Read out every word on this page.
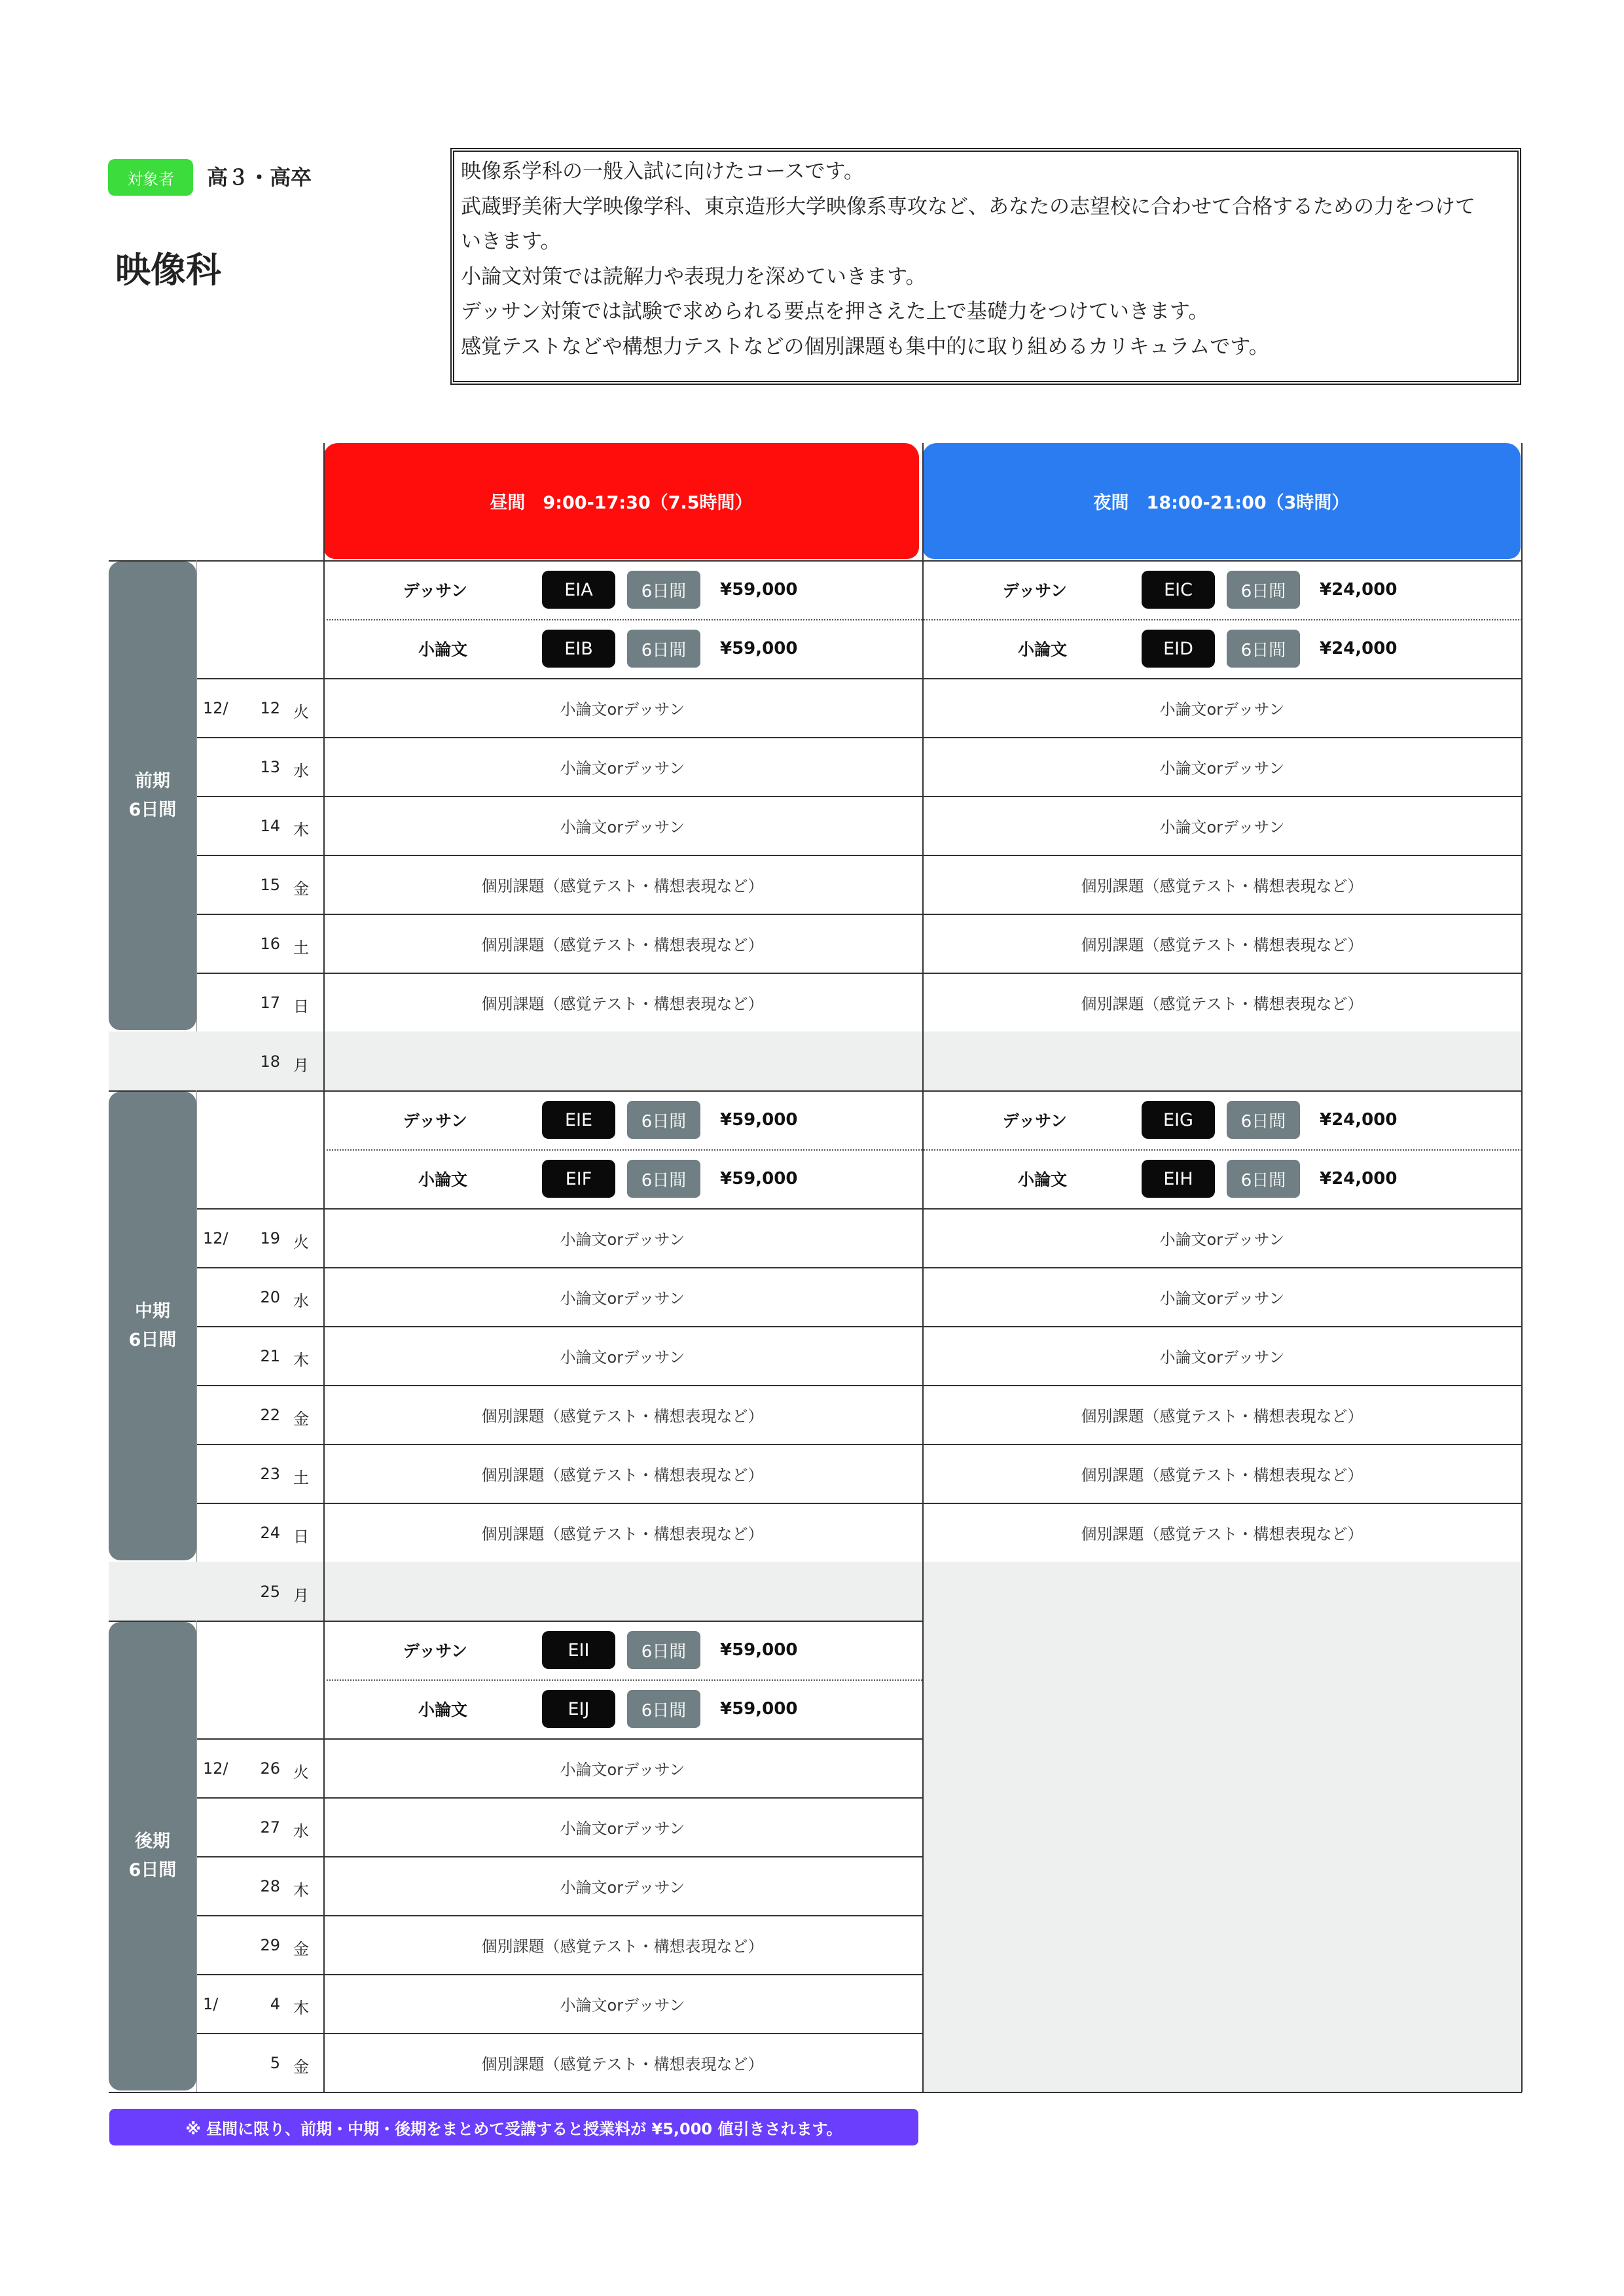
対象者	高３・高卒
映像科
映像系学科の一般入試に向けたコースです。
武蔵野美術大学映像学科、東京造形大学映像系専攻など、あなたの志望校に合わせて合格するための力をつけて
いきます。
小論文対策では読解力や表現力を深めていきます。
デッサン対策では試験で求められる要点を押さえた上で基礎力をつけていきます。
感覚テストなどや構想力テストなどの個別課題も集中的に取り組めるカリキュラムです。
昼間　9:00-17:30（7.5時間）	夜間　18:00-21:00（3時間）
前期
6日間
デッサン	EIA	6日間	¥59,000	デッサン	EIC	6日間	¥24,000
小論文	EIB	6日間	¥59,000	小論文	EID	6日間	¥24,000
12/	12 火	小論文orデッサン	小論文orデッサン
13 水	小論文orデッサン	小論文orデッサン
14 木	小論文orデッサン	小論文orデッサン
15 金	個別課題（感覚テスト・構想表現など）	個別課題（感覚テスト・構想表現など）
16 土	個別課題（感覚テスト・構想表現など）	個別課題（感覚テスト・構想表現など）
17 日	個別課題（感覚テスト・構想表現など）	個別課題（感覚テスト・構想表現など）
18 月
中期
6日間
デッサン	EIE	6日間	¥59,000	デッサン	EIG	6日間	¥24,000
小論文	EIF	6日間	¥59,000	小論文	EIH	6日間	¥24,000
12/	19 火	小論文orデッサン	小論文orデッサン
20 水	小論文orデッサン	小論文orデッサン
21 木	小論文orデッサン	小論文orデッサン
22 金	個別課題（感覚テスト・構想表現など）	個別課題（感覚テスト・構想表現など）
23 土	個別課題（感覚テスト・構想表現など）	個別課題（感覚テスト・構想表現など）
24 日	個別課題（感覚テスト・構想表現など）	個別課題（感覚テスト・構想表現など）
25 月
後期
6日間
デッサン	EII	6日間	¥59,000
小論文	EIJ	6日間	¥59,000
12/	26 火	小論文orデッサン
27 水	小論文orデッサン
28 木	小論文orデッサン
29 金	個別課題（感覚テスト・構想表現など）
1/	4 木	小論文orデッサン
5 金	個別課題（感覚テスト・構想表現など）
※ 昼間に限り、前期・中期・後期をまとめて受講すると授業料が ¥5,000 値引きされます。
